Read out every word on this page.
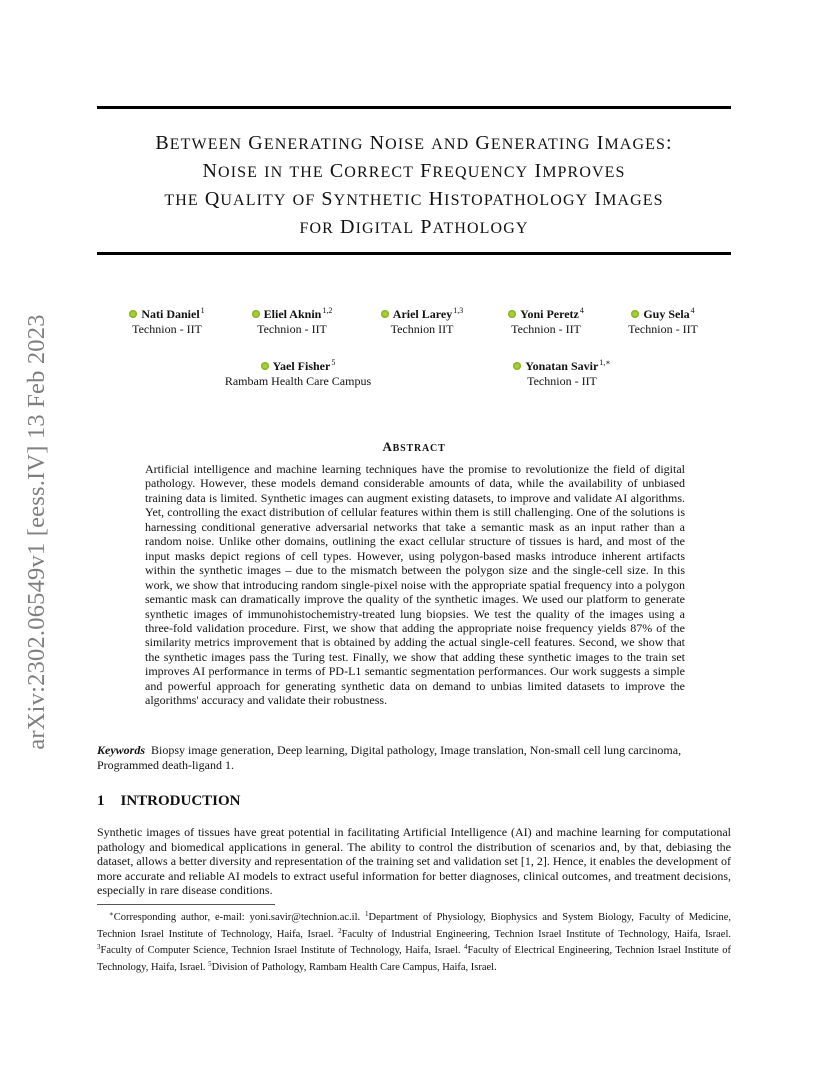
arXiv:2302.06549v1 [eess.IV] 13 Feb 2023
BETWEEN GENERATING NOISE AND GENERATING IMAGES:
NOISE IN THE CORRECT FREQUENCY IMPROVES
THE QUALITY OF SYNTHETIC HISTOPATHOLOGY IMAGES
FOR DIGITAL PATHOLOGY
Nati Daniel$^1$
Technion - IIT
Eliel Aknin$^{1,2}$
Technion - IIT
Ariel Larey$^{1,3}$
Technion IIT
Yoni Peretz$^4$
Technion - IIT
Guy Sela$^4$
Technion - IIT
Yael Fisher$^5$
Rambam Health Care Campus
Yonatan Savir$^{1,∗}$
Technion - IIT
ABSTRACT
Artificial intelligence and machine learning techniques have the promise to revolutionize the field of digital pathology. However, these models demand considerable amounts of data, while the availability of unbiased training data is limited. Synthetic images can augment existing datasets, to improve and validate AI algorithms. Yet, controlling the exact distribution of cellular features within them is still challenging. One of the solutions is harnessing conditional generative adversarial networks that take a semantic mask as an input rather than a random noise. Unlike other domains, outlining the exact cellular structure of tissues is hard, and most of the input masks depict regions of cell types. However, using polygon-based masks introduce inherent artifacts within the synthetic images – due to the mismatch between the polygon size and the single-cell size. In this work, we show that introducing random single-pixel noise with the appropriate spatial frequency into a polygon semantic mask can dramatically improve the quality of the synthetic images. We used our platform to generate synthetic images of immunohistochemistry-treated lung biopsies. We test the quality of the images using a three-fold validation procedure. First, we show that adding the appropriate noise frequency yields 87% of the similarity metrics improvement that is obtained by adding the actual single-cell features. Second, we show that the synthetic images pass the Turing test. Finally, we show that adding these synthetic images to the train set improves AI performance in terms of PD-L1 semantic segmentation performances. Our work suggests a simple and powerful approach for generating synthetic data on demand to unbias limited datasets to improve the algorithms' accuracy and validate their robustness.
Keywords Biopsy image generation, Deep learning, Digital pathology, Image translation, Non-small cell lung carcinoma, Programmed death-ligand 1.
1 INTRODUCTION
Synthetic images of tissues have great potential in facilitating Artificial Intelligence (AI) and machine learning for computational pathology and biomedical applications in general. The ability to control the distribution of scenarios and, by that, debiasing the dataset, allows a better diversity and representation of the training set and validation set [1, 2]. Hence, it enables the development of more accurate and reliable AI models to extract useful information for better diagnoses, clinical outcomes, and treatment decisions, especially in rare disease conditions.
∗Corresponding author, e-mail: yoni.savir@technion.ac.il. $^1$Department of Physiology, Biophysics and System Biology, Faculty of Medicine, Technion Israel Institute of Technology, Haifa, Israel. $^2$Faculty of Industrial Engineering, Technion Israel Institute of Technology, Haifa, Israel. $^3$Faculty of Computer Science, Technion Israel Institute of Technology, Haifa, Israel. $^4$Faculty of Electrical Engineering, Technion Israel Institute of Technology, Haifa, Israel. $^5$Division of Pathology, Rambam Health Care Campus, Haifa, Israel.
